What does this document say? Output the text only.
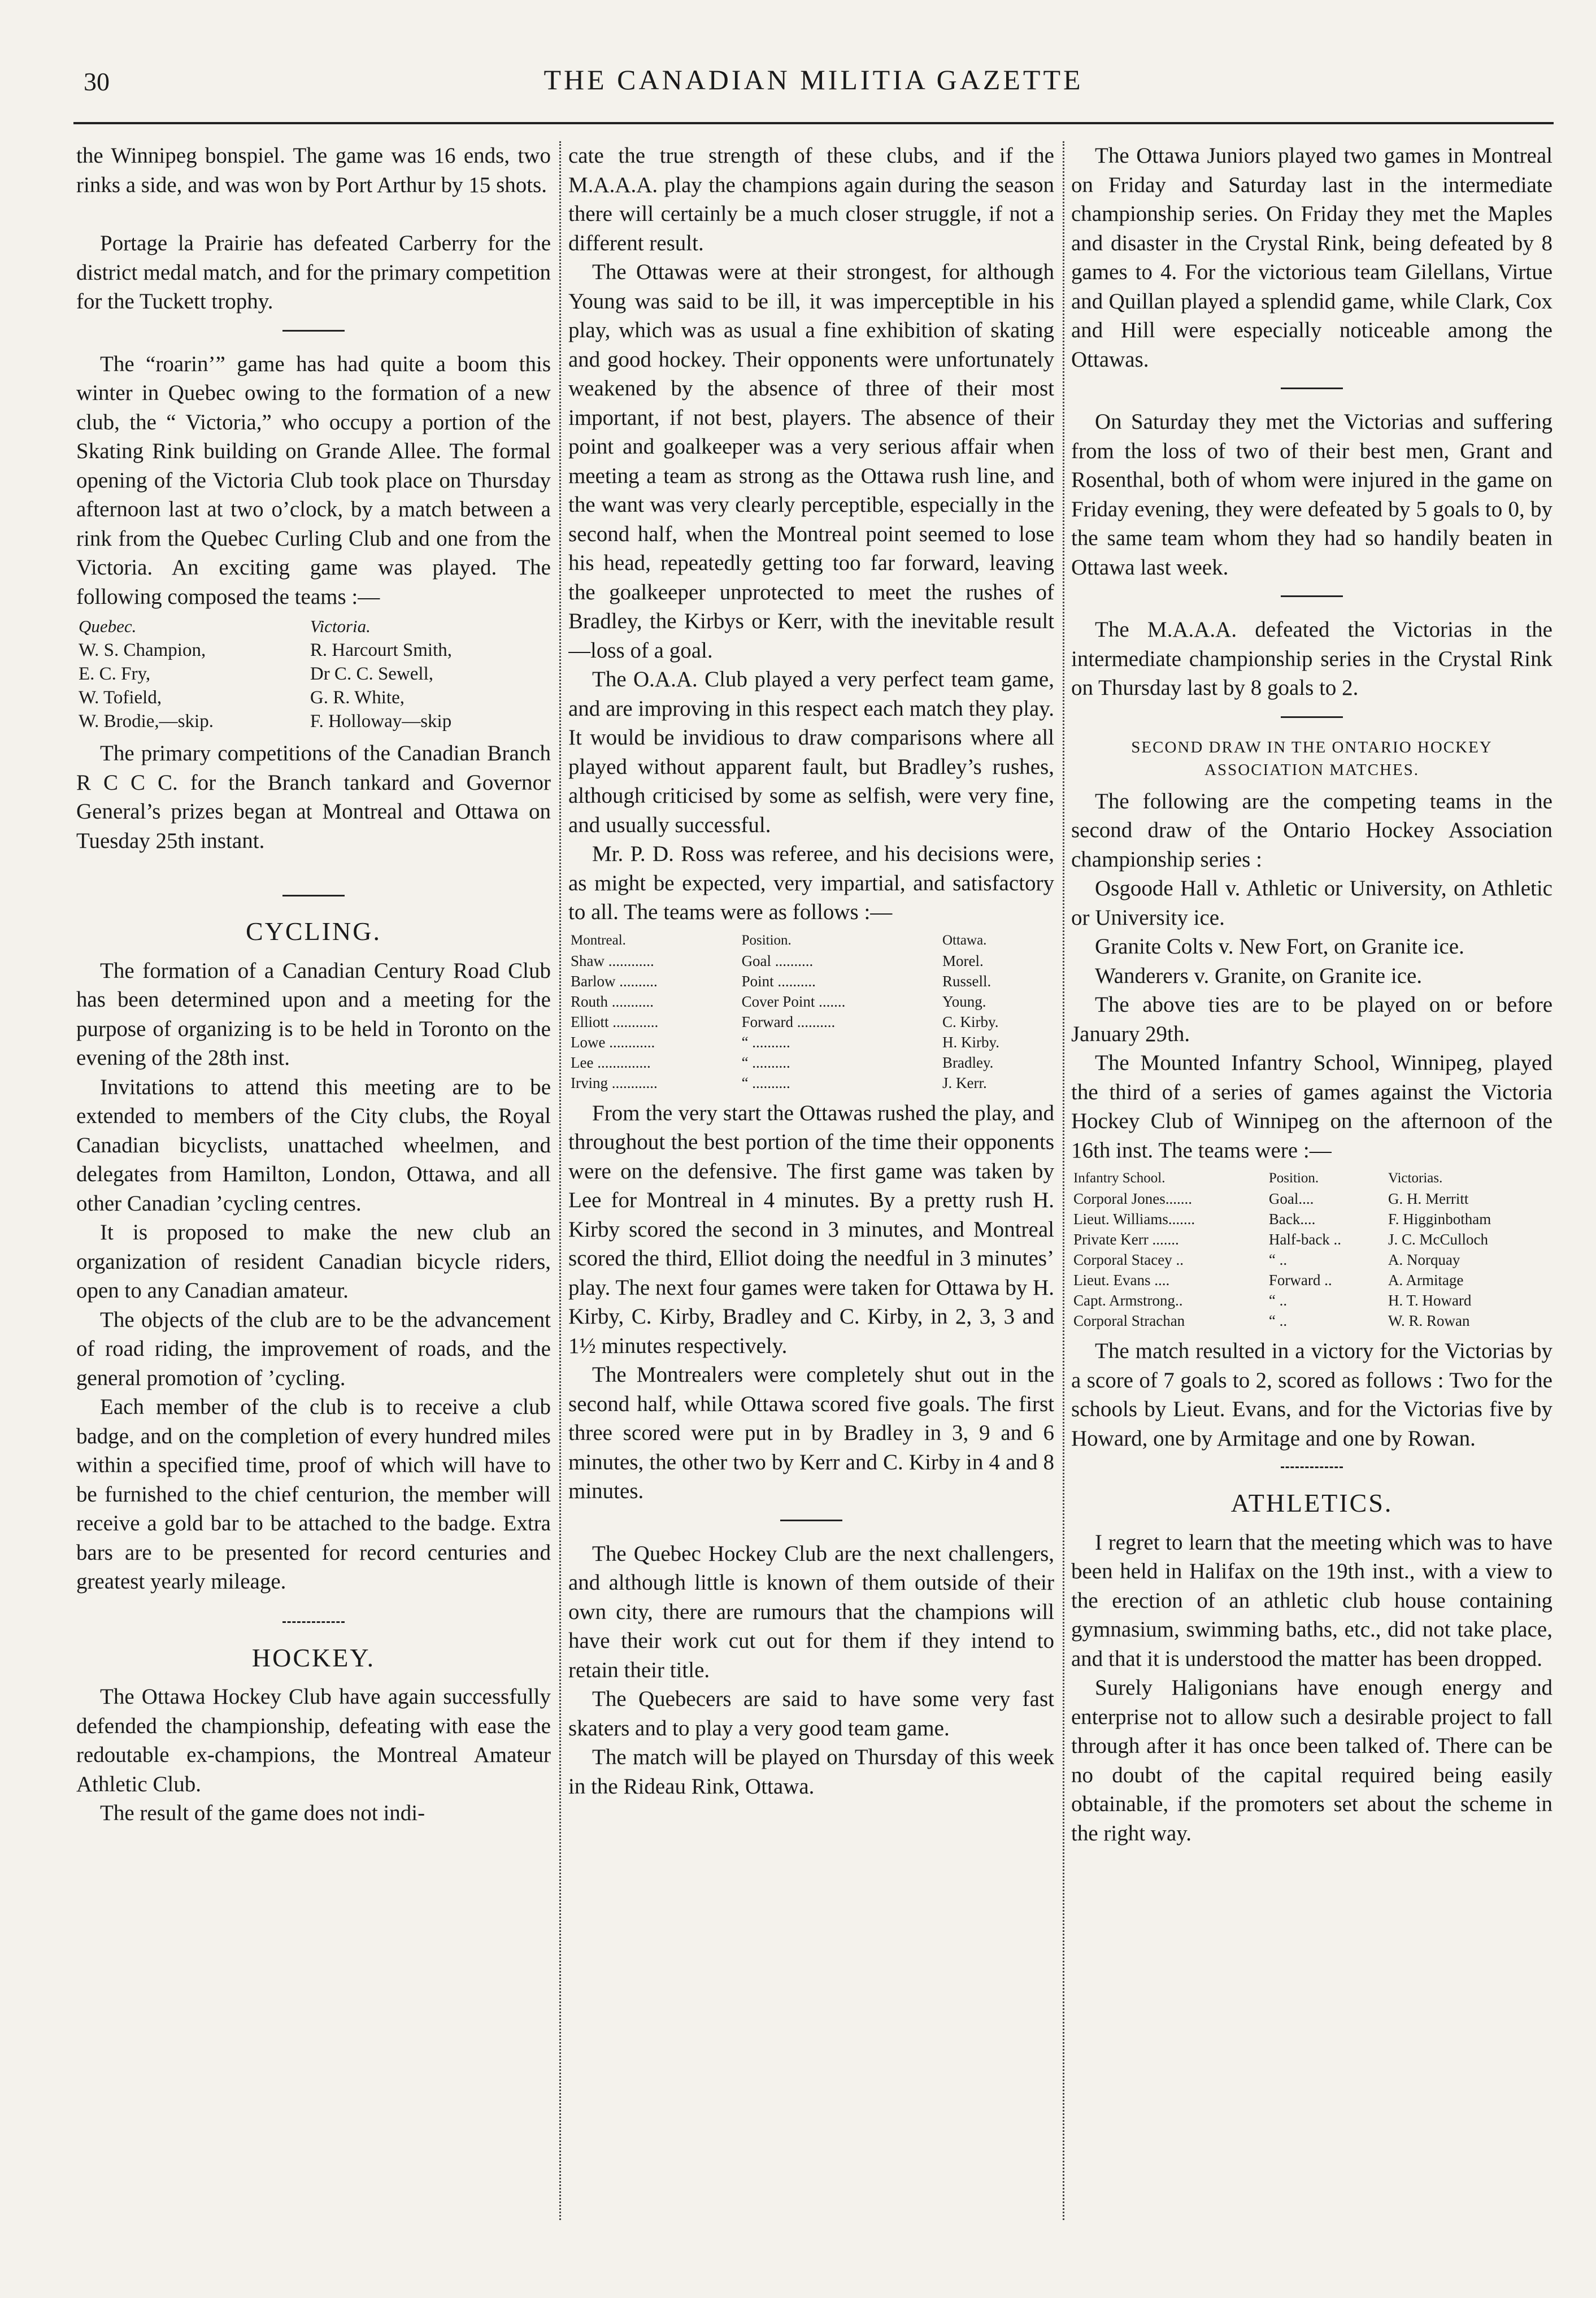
30	THE CANADIAN MILITIA GAZETTE

the Winnipeg bonspiel. The game was 16 ends, two rinks a side, and was won by Port Arthur by 15 shots.

Portage la Prairie has defeated Carberry for the district medal match, and for the primary competition for the Tuckett trophy.

The “roarin’” game has had quite a boom this winter in Quebec owing to the formation of a new club, the “ Victoria,” who occupy a portion of the Skating Rink building on Grande Allee. The formal opening of the Victoria Club took place on Thursday afternoon last at two o’clock, by a match between a rink from the Quebec Curling Club and one from the Victoria. An exciting game was played. The following composed the teams :—

Quebec.	Victoria.
W. S. Champion,	R. Harcourt Smith,
E. C. Fry,	Dr C. C. Sewell,
W. Tofield,	G. R. White,
W. Brodie,—skip.	F. Holloway—skip

The primary competitions of the Canadian Branch R C C C. for the Branch tankard and Governor General’s prizes began at Montreal and Ottawa on Tuesday 25th instant.

CYCLING.

The formation of a Canadian Century Road Club has been determined upon and a meeting for the purpose of organizing is to be held in Toronto on the evening of the 28th inst.

Invitations to attend this meeting are to be extended to members of the City clubs, the Royal Canadian bicyclists, unattached wheelmen, and delegates from Hamilton, London, Ottawa, and all other Canadian ’cycling centres.

It is proposed to make the new club an organization of resident Canadian bicycle riders, open to any Canadian amateur.

The objects of the club are to be the advancement of road riding, the improvement of roads, and the general promotion of ’cycling.

Each member of the club is to receive a club badge, and on the completion of every hundred miles within a specified time, proof of which will have to be furnished to the chief centurion, the member will receive a gold bar to be attached to the badge. Extra bars are to be presented for record centuries and greatest yearly mileage.

HOCKEY.

The Ottawa Hockey Club have again successfully defended the championship, defeating with ease the redoutable ex-champions, the Montreal Amateur Athletic Club.

The result of the game does not indi-

cate the true strength of these clubs, and if the M.A.A.A. play the champions again during the season there will certainly be a much closer struggle, if not a different result.

The Ottawas were at their strongest, for although Young was said to be ill, it was imperceptible in his play, which was as usual a fine exhibition of skating and good hockey. Their opponents were unfortunately weakened by the absence of three of their most important, if not best, players. The absence of their point and goalkeeper was a very serious affair when meeting a team as strong as the Ottawa rush line, and the want was very clearly perceptible, especially in the second half, when the Montreal point seemed to lose his head, repeatedly getting too far forward, leaving the goalkeeper unprotected to meet the rushes of Bradley, the Kirbys or Kerr, with the inevitable result—loss of a goal.

The O.A.A. Club played a very perfect team game, and are improving in this respect each match they play. It would be invidious to draw comparisons where all played without apparent fault, but Bradley’s rushes, although criticised by some as selfish, were very fine, and usually successful.

Mr. P. D. Ross was referee, and his decisions were, as might be expected, very impartial, and satisfactory to all. The teams were as follows :—

Montreal.	Position.	Ottawa.
Shaw ............	Goal ..........	Morel.
Barlow ..........	Point ..........	Russell.
Routh ...........	Cover Point .......	Young.
Elliott ............	Forward ..........	C. Kirby.
Lowe ............	“ ..........	H. Kirby.
Lee ..............	“ ..........	Bradley.
Irving ............	“ ..........	J. Kerr.

From the very start the Ottawas rushed the play, and throughout the best portion of the time their opponents were on the defensive. The first game was taken by Lee for Montreal in 4 minutes. By a pretty rush H. Kirby scored the second in 3 minutes, and Montreal scored the third, Elliot doing the needful in 3 minutes’ play. The next four games were taken for Ottawa by H. Kirby, C. Kirby, Bradley and C. Kirby, in 2, 3, 3 and 1½ minutes respectively.

The Montrealers were completely shut out in the second half, while Ottawa scored five goals. The first three scored were put in by Bradley in 3, 9 and 6 minutes, the other two by Kerr and C. Kirby in 4 and 8 minutes.

The Quebec Hockey Club are the next challengers, and although little is known of them outside of their own city, there are rumours that the champions will have their work cut out for them if they intend to retain their title.

The Quebecers are said to have some very fast skaters and to play a very good team game.

The match will be played on Thursday of this week in the Rideau Rink, Ottawa.

The Ottawa Juniors played two games in Montreal on Friday and Saturday last in the intermediate championship series. On Friday they met the Maples and disaster in the Crystal Rink, being defeated by 8 games to 4. For the victorious team Gilellans, Virtue and Quillan played a splendid game, while Clark, Cox and Hill were especially noticeable among the Ottawas.

On Saturday they met the Victorias and suffering from the loss of two of their best men, Grant and Rosenthal, both of whom were injured in the game on Friday evening, they were defeated by 5 goals to 0, by the same team whom they had so handily beaten in Ottawa last week.

The M.A.A.A. defeated the Victorias in the intermediate championship series in the Crystal Rink on Thursday last by 8 goals to 2.

SECOND DRAW IN THE ONTARIO HOCKEY ASSOCIATION MATCHES.

The following are the competing teams in the second draw of the Ontario Hockey Association championship series :

Osgoode Hall v. Athletic or University, on Athletic or University ice.

Granite Colts v. New Fort, on Granite ice.

Wanderers v. Granite, on Granite ice.

The above ties are to be played on or before January 29th.

The Mounted Infantry School, Winnipeg, played the third of a series of games against the Victoria Hockey Club of Winnipeg on the afternoon of the 16th inst. The teams were :—

Infantry School.	Position.	Victorias.
Corporal Jones.......	Goal....	G. H. Merritt
Lieut. Williams.......	Back....	F. Higginbotham
Private Kerr .......	Half-back ..	J. C. McCulloch
Corporal Stacey ..	“ ..	A. Norquay
Lieut. Evans ....	Forward ..	A. Armitage
Capt. Armstrong..	“ ..	H. T. Howard
Corporal Strachan	“ ..	W. R. Rowan

The match resulted in a victory for the Victorias by a score of 7 goals to 2, scored as follows : Two for the schools by Lieut. Evans, and for the Victorias five by Howard, one by Armitage and one by Rowan.

ATHLETICS.

I regret to learn that the meeting which was to have been held in Halifax on the 19th inst., with a view to the erection of an athletic club house containing gymnasium, swimming baths, etc., did not take place, and that it is understood the matter has been dropped.

Surely Haligonians have enough energy and enterprise not to allow such a desirable project to fall through after it has once been talked of. There can be no doubt of the capital required being easily obtainable, if the promoters set about the scheme in the right way.
